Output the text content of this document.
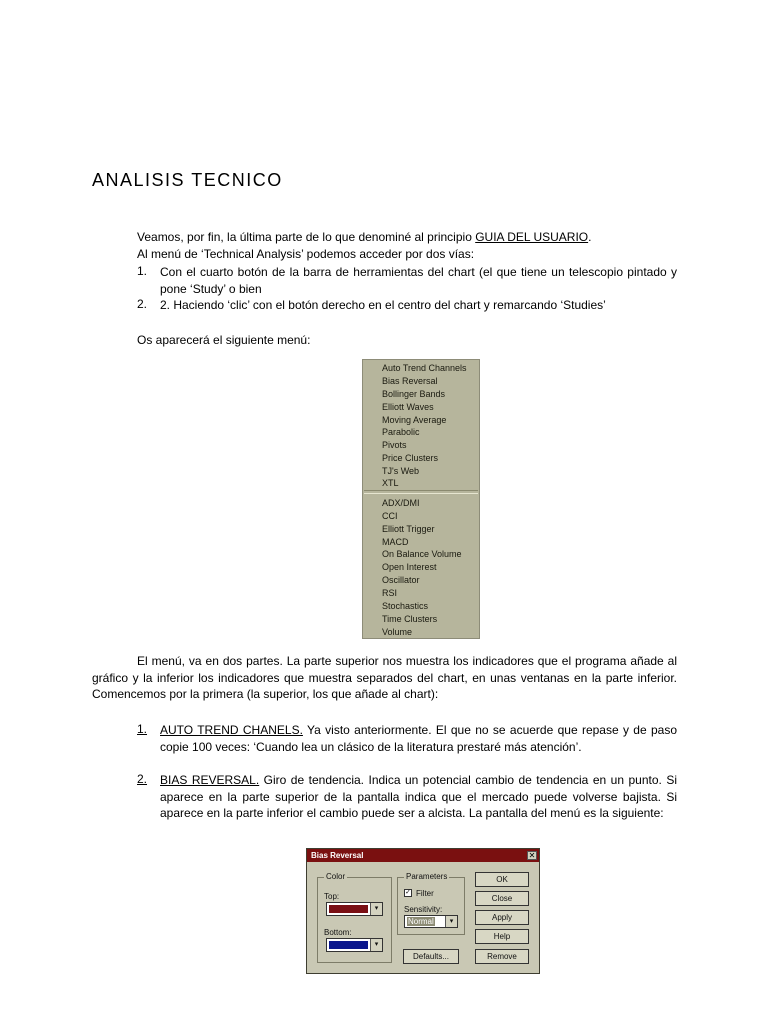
ANALISIS TECNICO

Veamos, por fin, la última parte de lo que denominé al principio GUIA DEL USUARIO.

Al menú de ‘Technical Analysis’ podemos acceder por dos vías:

1. Con el cuarto botón de la barra de herramientas del chart (el que tiene un telescopio pintado y pone ‘Study’ o bien

2. 2. Haciendo ‘clic’ con el botón derecho en el centro del chart y remarcando ‘Studies’

Os aparecerá el siguiente menú:

Auto Trend Channels
Bias Reversal
Bollinger Bands
Elliott Waves
Moving Average
Parabolic
Pivots
Price Clusters
TJ's Web
XTL
ADX/DMI
CCI
Elliott Trigger
MACD
On Balance Volume
Open Interest
Oscillator
RSI
Stochastics
Time Clusters
Volume

El menú, va en dos partes. La parte superior nos muestra los indicadores que el programa añade al gráfico y la inferior los indicadores que muestra separados del chart, en unas ventanas en la parte inferior. Comencemos por la primera (la superior, los que añade al chart):

1. AUTO TREND CHANELS. Ya visto anteriormente. El que no se acuerde que repase y de paso copie 100 veces: ‘Cuando lea un clásico de la literatura prestaré más atención’.

2. BIAS REVERSAL. Giro de tendencia. Indica un potencial cambio de tendencia en un punto. Si aparece en la parte superior de la pantalla indica que el mercado puede volverse bajista. Si aparece en la parte inferior el cambio puede ser a alcista. La pantalla del menú es la siguiente:

Bias Reversal	✕
Color
Top:
▾
Bottom:
▾
Parameters
✓ Filter
Sensitivity:
Normal	▾
Defaults...
OK
Close
Apply
Help
Remove
